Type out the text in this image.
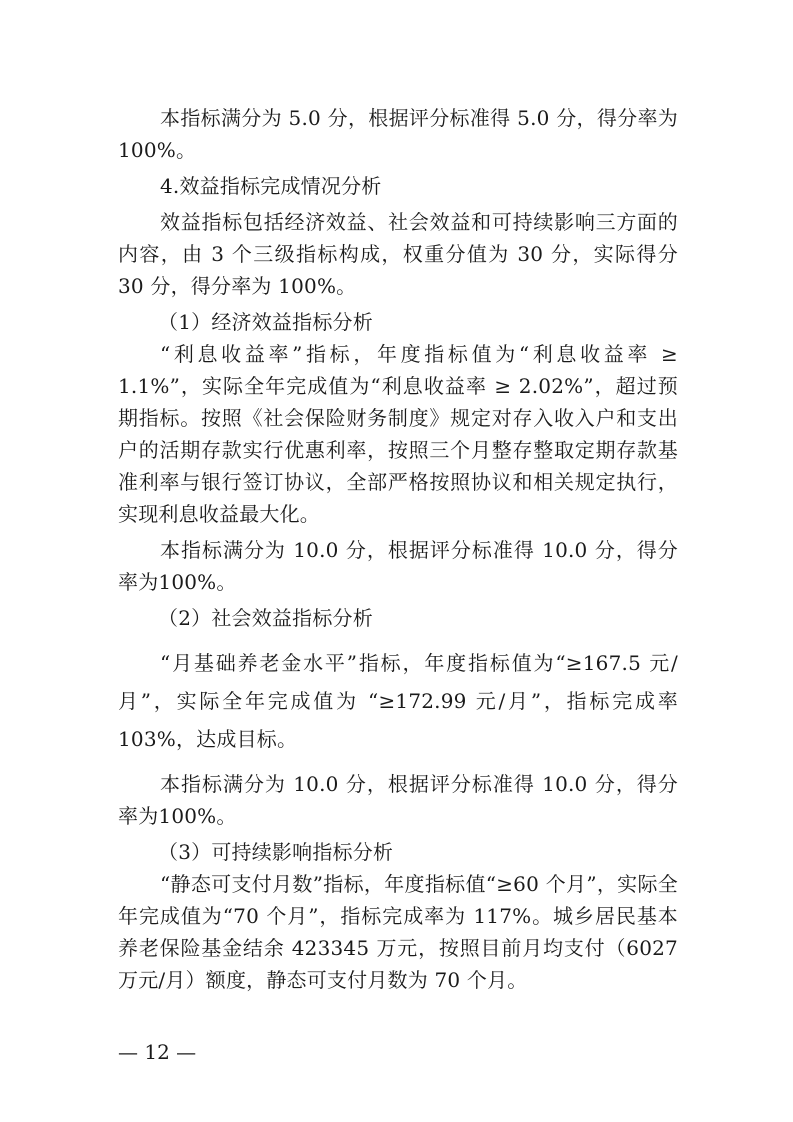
本指标满分为 5.0 分，根据评分标准得 5.0 分，得分率为100%。

4.效益指标完成情况分析

效益指标包括经济效益、社会效益和可持续影响三方面的内容，由 3 个三级指标构成，权重分值为 30 分，实际得分 30 分，得分率为 100%。

（1）经济效益指标分析

“利息收益率”指标，年度指标值为“利息收益率 ≥ 1.1%”，实际全年完成值为“利息收益率 ≥ 2.02%”，超过预期指标。按照《社会保险财务制度》规定对存入收入户和支出户的活期存款实行优惠利率，按照三个月整存整取定期存款基准利率与银行签订协议，全部严格按照协议和相关规定执行，实现利息收益最大化。

本指标满分为 10.0 分，根据评分标准得 10.0 分，得分率为100%。

（2）社会效益指标分析

“月基础养老金水平”指标，年度指标值为“≥167.5 元/月”，实际全年完成值为 “≥172.99 元/月”，指标完成率 103%，达成目标。

本指标满分为 10.0 分，根据评分标准得 10.0 分，得分率为100%。

（3）可持续影响指标分析

“静态可支付月数”指标，年度指标值“≥60 个月”，实际全年完成值为“70 个月”，指标完成率为 117%。城乡居民基本养老保险基金结余 423345 万元，按照目前月均支付（6027 万元/月）额度，静态可支付月数为 70 个月。

— 12 —
